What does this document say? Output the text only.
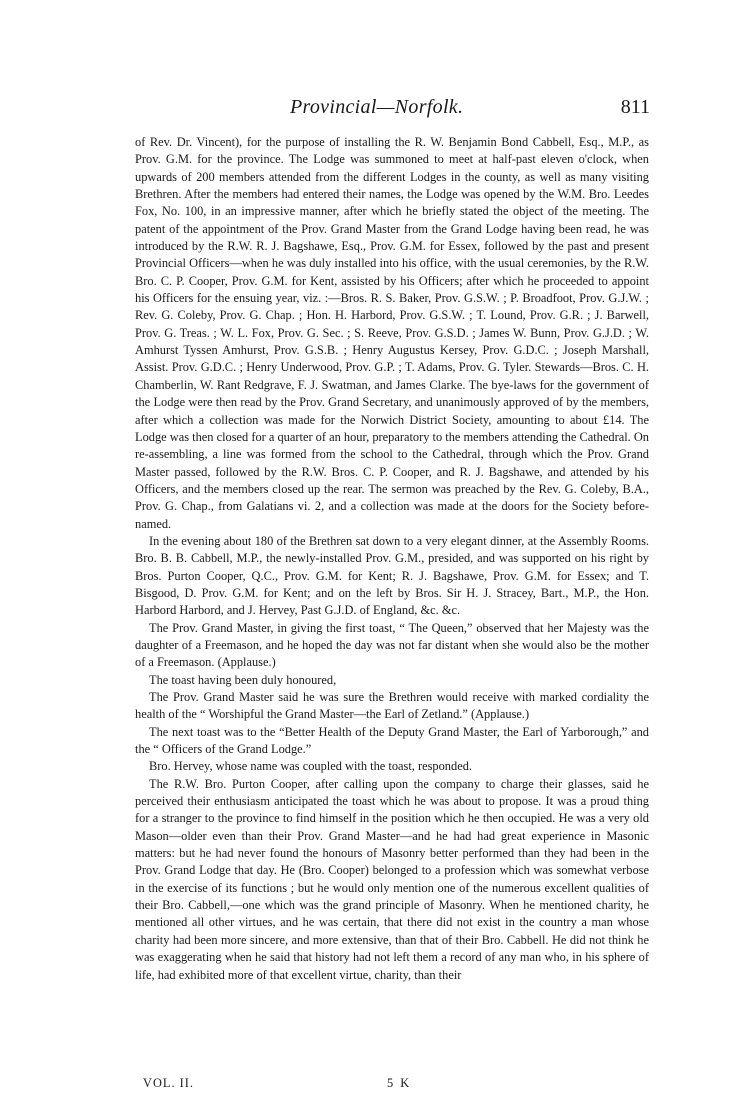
Provincial—Norfolk.	811

of Rev. Dr. Vincent), for the purpose of installing the R. W. Benjamin Bond Cabbell, Esq., M.P., as Prov. G.M. for the province. The Lodge was summoned to meet at half-past eleven o'clock, when upwards of 200 members attended from the different Lodges in the county, as well as many visiting Brethren. After the members had entered their names, the Lodge was opened by the W.M. Bro. Leedes Fox, No. 100, in an impressive manner, after which he briefly stated the object of the meeting. The patent of the appointment of the Prov. Grand Master from the Grand Lodge having been read, he was introduced by the R.W. R. J. Bagshawe, Esq., Prov. G.M. for Essex, followed by the past and present Provincial Officers—when he was duly installed into his office, with the usual ceremonies, by the R.W. Bro. C. P. Cooper, Prov. G.M. for Kent, assisted by his Officers; after which he proceeded to appoint his Officers for the ensuing year, viz. :—Bros. R. S. Baker, Prov. G.S.W. ; P. Broadfoot, Prov. G.J.W. ; Rev. G. Coleby, Prov. G. Chap. ; Hon. H. Harbord, Prov. G.S.W. ; T. Lound, Prov. G.R. ; J. Barwell, Prov. G. Treas. ; W. L. Fox, Prov. G. Sec. ; S. Reeve, Prov. G.S.D. ; James W. Bunn, Prov. G.J.D. ; W. Amhurst Tyssen Amhurst, Prov. G.S.B. ; Henry Augustus Kersey, Prov. G.D.C. ; Joseph Marshall, Assist. Prov. G.D.C. ; Henry Underwood, Prov. G.P. ; T. Adams, Prov. G. Tyler. Stewards—Bros. C. H. Chamberlin, W. Rant Redgrave, F. J. Swatman, and James Clarke. The bye-laws for the government of the Lodge were then read by the Prov. Grand Secretary, and unanimously approved of by the members, after which a collection was made for the Norwich District Society, amounting to about £14. The Lodge was then closed for a quarter of an hour, preparatory to the members attending the Cathedral. On re-assembling, a line was formed from the school to the Cathedral, through which the Prov. Grand Master passed, followed by the R.W. Bros. C. P. Cooper, and R. J. Bagshawe, and attended by his Officers, and the members closed up the rear. The sermon was preached by the Rev. G. Coleby, B.A., Prov. G. Chap., from Galatians vi. 2, and a collection was made at the doors for the Society before-named.

In the evening about 180 of the Brethren sat down to a very elegant dinner, at the Assembly Rooms. Bro. B. B. Cabbell, M.P., the newly-installed Prov. G.M., presided, and was supported on his right by Bros. Purton Cooper, Q.C., Prov. G.M. for Kent; R. J. Bagshawe, Prov. G.M. for Essex; and T. Bisgood, D. Prov. G.M. for Kent; and on the left by Bros. Sir H. J. Stracey, Bart., M.P., the Hon. Harbord Harbord, and J. Hervey, Past G.J.D. of England, &c. &c.

The Prov. Grand Master, in giving the first toast, “ The Queen,” observed that her Majesty was the daughter of a Freemason, and he hoped the day was not far distant when she would also be the mother of a Freemason. (Applause.)

The toast having been duly honoured,

The Prov. Grand Master said he was sure the Brethren would receive with marked cordiality the health of the “ Worshipful the Grand Master—the Earl of Zetland.” (Applause.)

The next toast was to the “Better Health of the Deputy Grand Master, the Earl of Yarborough,” and the “ Officers of the Grand Lodge.”

Bro. Hervey, whose name was coupled with the toast, responded.

The R.W. Bro. Purton Cooper, after calling upon the company to charge their glasses, said he perceived their enthusiasm anticipated the toast which he was about to propose. It was a proud thing for a stranger to the province to find himself in the position which he then occupied. He was a very old Mason—older even than their Prov. Grand Master—and he had had great experience in Masonic matters: but he had never found the honours of Masonry better performed than they had been in the Prov. Grand Lodge that day. He (Bro. Cooper) belonged to a profession which was somewhat verbose in the exercise of its functions ; but he would only mention one of the numerous excellent qualities of their Bro. Cabbell,—one which was the grand principle of Masonry. When he mentioned charity, he mentioned all other virtues, and he was certain, that there did not exist in the country a man whose charity had been more sincere, and more extensive, than that of their Bro. Cabbell. He did not think he was exaggerating when he said that history had not left them a record of any man who, in his sphere of life, had exhibited more of that excellent virtue, charity, than their

VOL. II.	5 K
